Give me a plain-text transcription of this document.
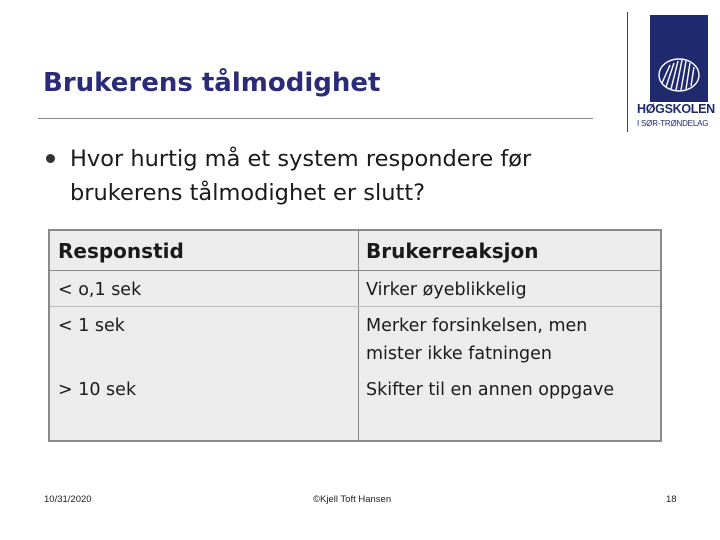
Brukerens tålmodighet
HØGSKOLEN
I SØR-TRØNDELAG
Hvor hurtig må et system respondere før brukerens tålmodighet er slutt?
Responstid	Brukerreaksjon
< o,1 sek	Virker øyeblikkelig
< 1 sek	Merker forsinkelsen, men mister ikke fatningen
> 10 sek	Skifter til en annen oppgave
10/31/2020	©Kjell Toft Hansen	18
